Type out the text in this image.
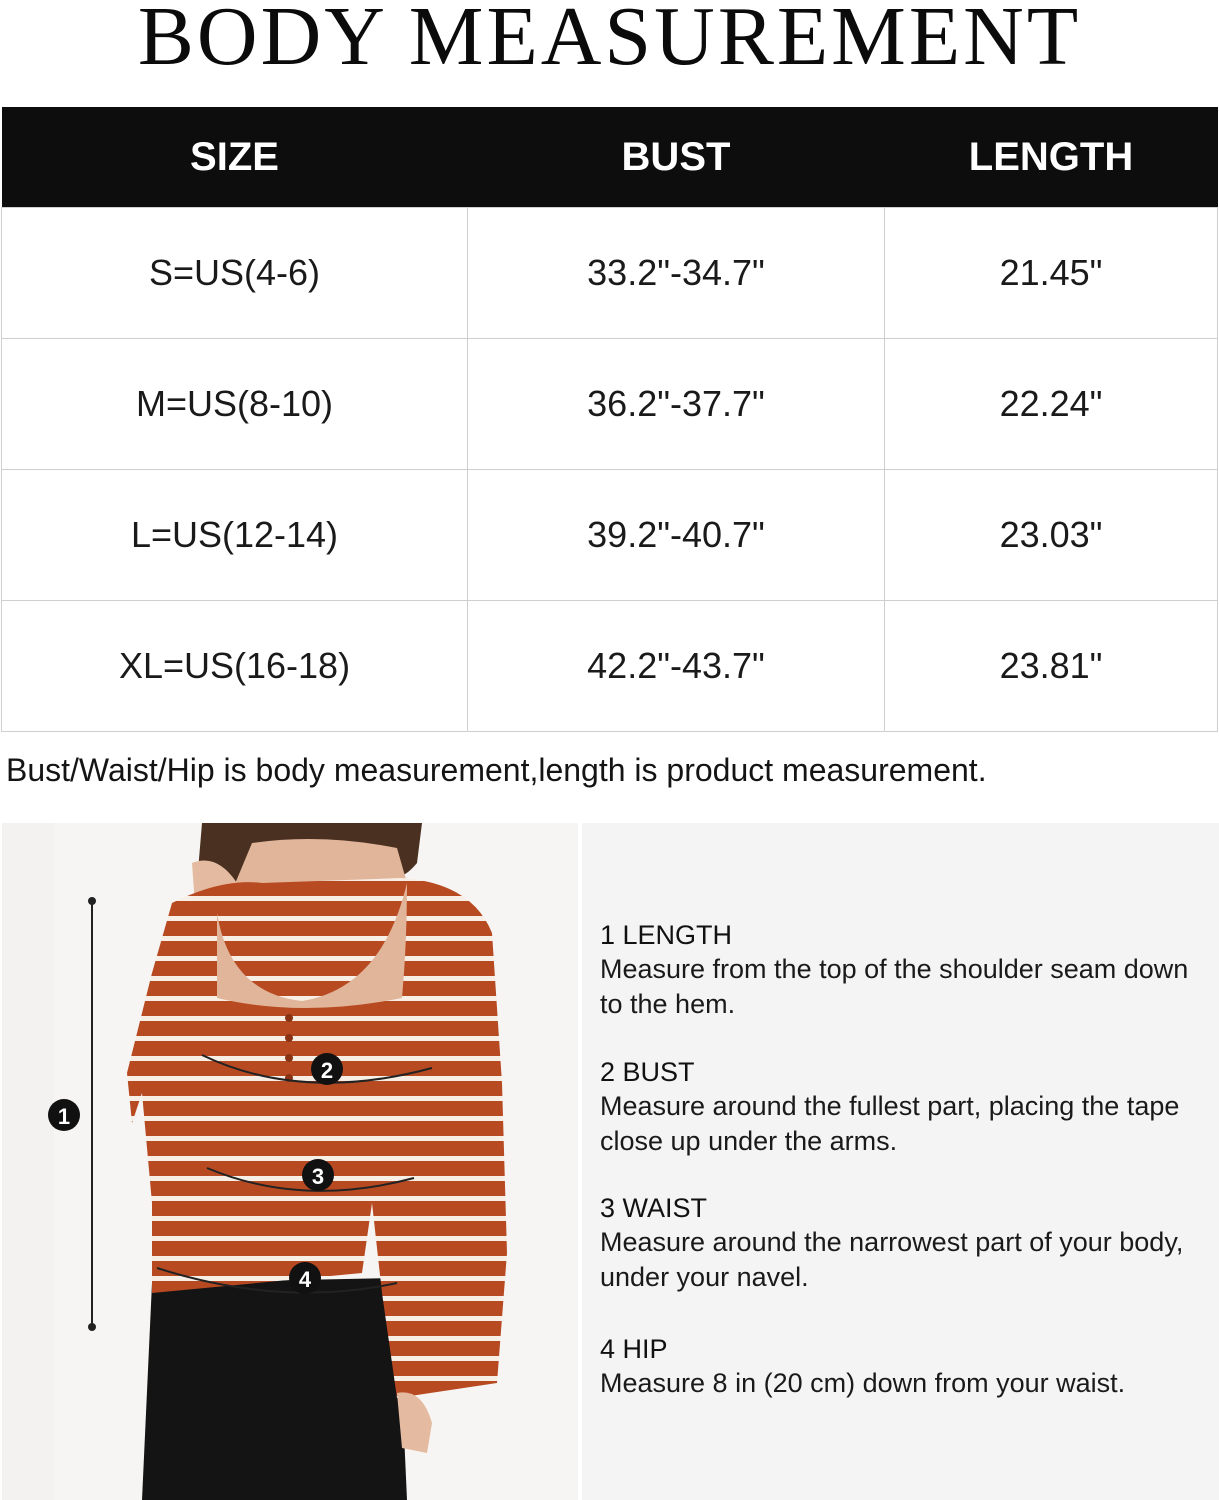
BODY MEASUREMENT
SIZE	BUST	LENGTH
S=US(4-6)	33.2"-34.7"	21.45"
M=US(8-10)	36.2"-37.7"	22.24"
L=US(12-14)	39.2"-40.7"	23.03"
XL=US(16-18)	42.2"-43.7"	23.81"
Bust/Waist/Hip is body measurement,length is product measurement.
1
2
3
4
1 LENGTH
Measure from the top of the shoulder seam down to the hem.
2 BUST
Measure around the fullest part, placing the tape close up under the arms.
3 WAIST
Measure around the narrowest part of your body, under your navel.
4 HIP
Measure 8 in (20 cm) down from your waist.
